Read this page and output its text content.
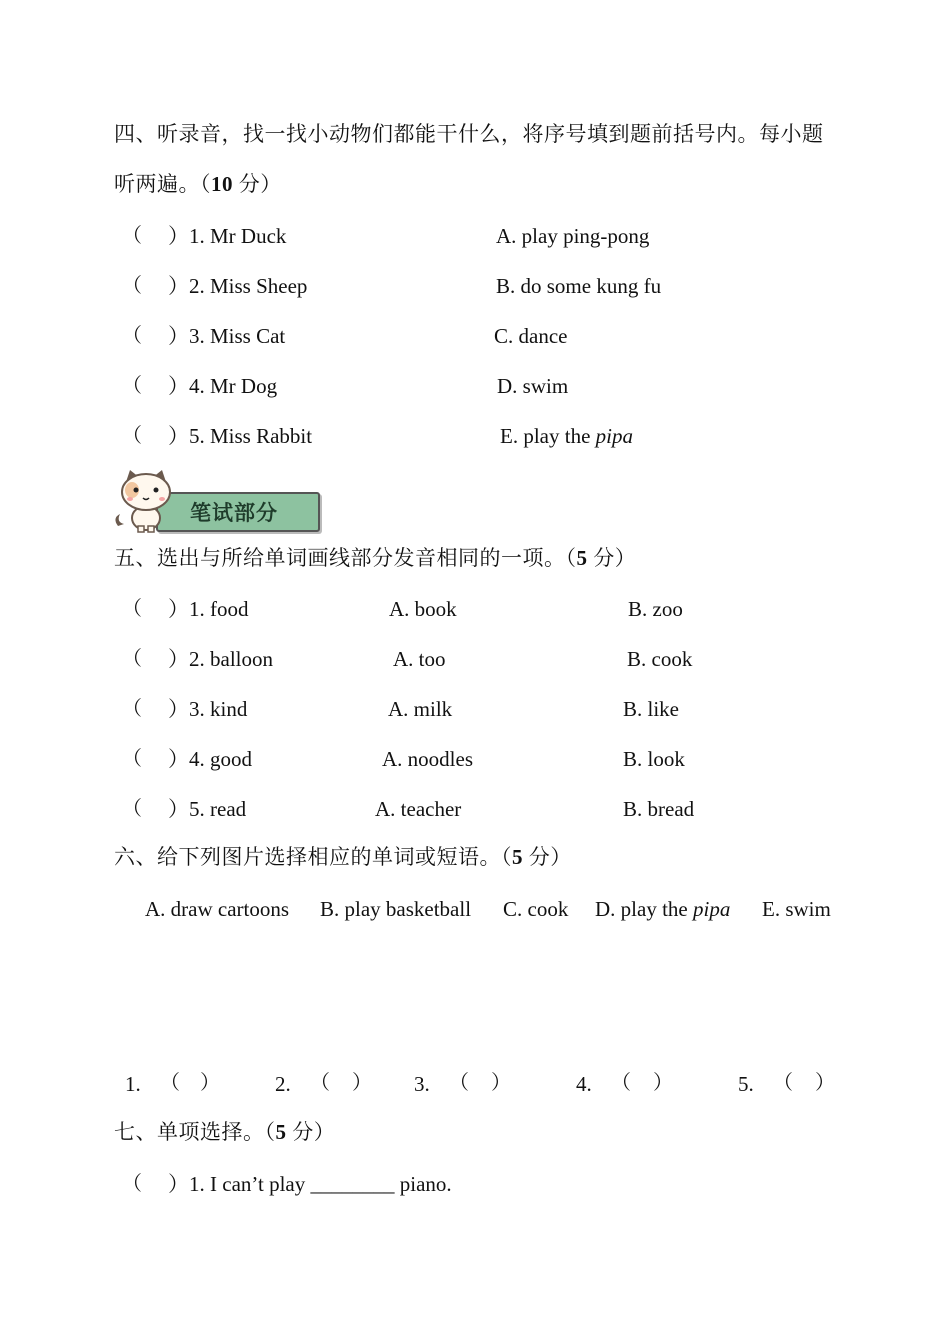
四、听录音，找一找小动物们都能干什么，将序号填到题前括号内。每小题
听两遍。（10 分）
（ ）1. Mr Duck	A. play ping-pong
（ ）2. Miss Sheep	B. do some kung fu
（ ）3. Miss Cat	C. dance
（ ）4. Mr Dog	D. swim
（ ）5. Miss Rabbit	E. play the pipa
笔试部分
五、选出与所给单词画线部分发音相同的一项。（5 分）
（ ）1. food	A. book	B. zoo
（ ）2. balloon	A. too	B. cook
（ ）3. kind	A. milk	B. like
（ ）4. good	A. noodles	B. look
（ ）5. read	A. teacher	B. bread
六、给下列图片选择相应的单词或短语。（5 分）
A. draw cartoons B. play basketball C. cook D. play the pipa E. swim
1. （ ）	2. （ ） 3. （ ）	4. （ ）	5. （ ）
七、单项选择。（5 分）
（ ）1. I can’t play ________ piano.
